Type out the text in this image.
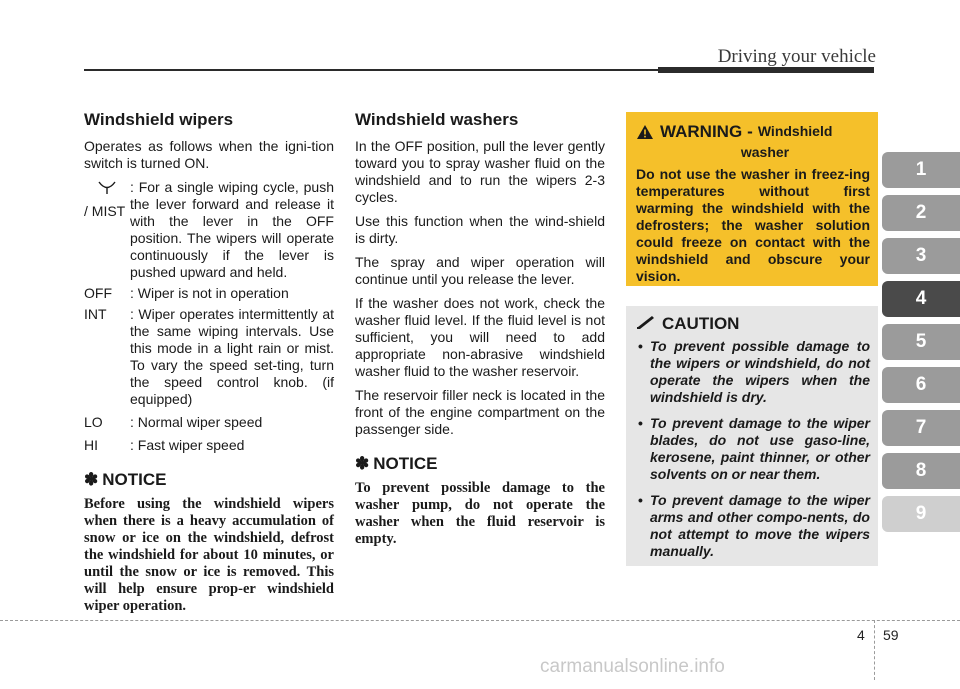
Driving your vehicle
Windshield wipers

Operates as follows when the igni-tion switch is turned ON.

/ MIST
: For a single wiping cycle, push the lever forward and release it with the lever in the OFF position. The wipers will operate continuously if the lever is pushed upward and held.
OFF	: Wiper is not in operation
INT	: Wiper operates intermittently at the same wiping intervals. Use this mode in a light rain or mist. To vary the speed set-ting, turn the speed control knob. (if equipped)
LO	: Normal wiper speed
HI	: Fast wiper speed
✽ NOTICE

Before using the windshield wipers when there is a heavy accumulation of snow or ice on the windshield, defrost the windshield for about 10 minutes, or until the snow or ice is removed. This will help ensure prop-er windshield wiper operation.

Windshield washers

In the OFF position, pull the lever gently toward you to spray washer fluid on the windshield and to run the wipers 2-3 cycles.

Use this function when the wind-shield is dirty.

The spray and wiper operation will continue until you release the lever.

If the washer does not work, check the washer fluid level. If the fluid level is not sufficient, you will need to add appropriate non-abrasive windshield washer fluid to the washer reservoir.

The reservoir filler neck is located in the front of the engine compartment on the passenger side.

✽ NOTICE

To prevent possible damage to the washer pump, do not operate the washer when the fluid reservoir is empty.

WARNING - Windshield
washer

Do not use the washer in freez-ing temperatures without first warming the windshield with the defrosters; the washer solution could freeze on contact with the windshield and obscure your vision.

CAUTION
• To prevent possible damage to the wipers or windshield, do not operate the wipers when the windshield is dry.
• To prevent damage to the wiper blades, do not use gaso-line, kerosene, paint thinner, or other solvents on or near them.
• To prevent damage to the wiper arms and other compo-nents, do not attempt to move the wipers manually.
1
2
3
4
5
6
7
8
9
4 59
carmanualsonline.info
